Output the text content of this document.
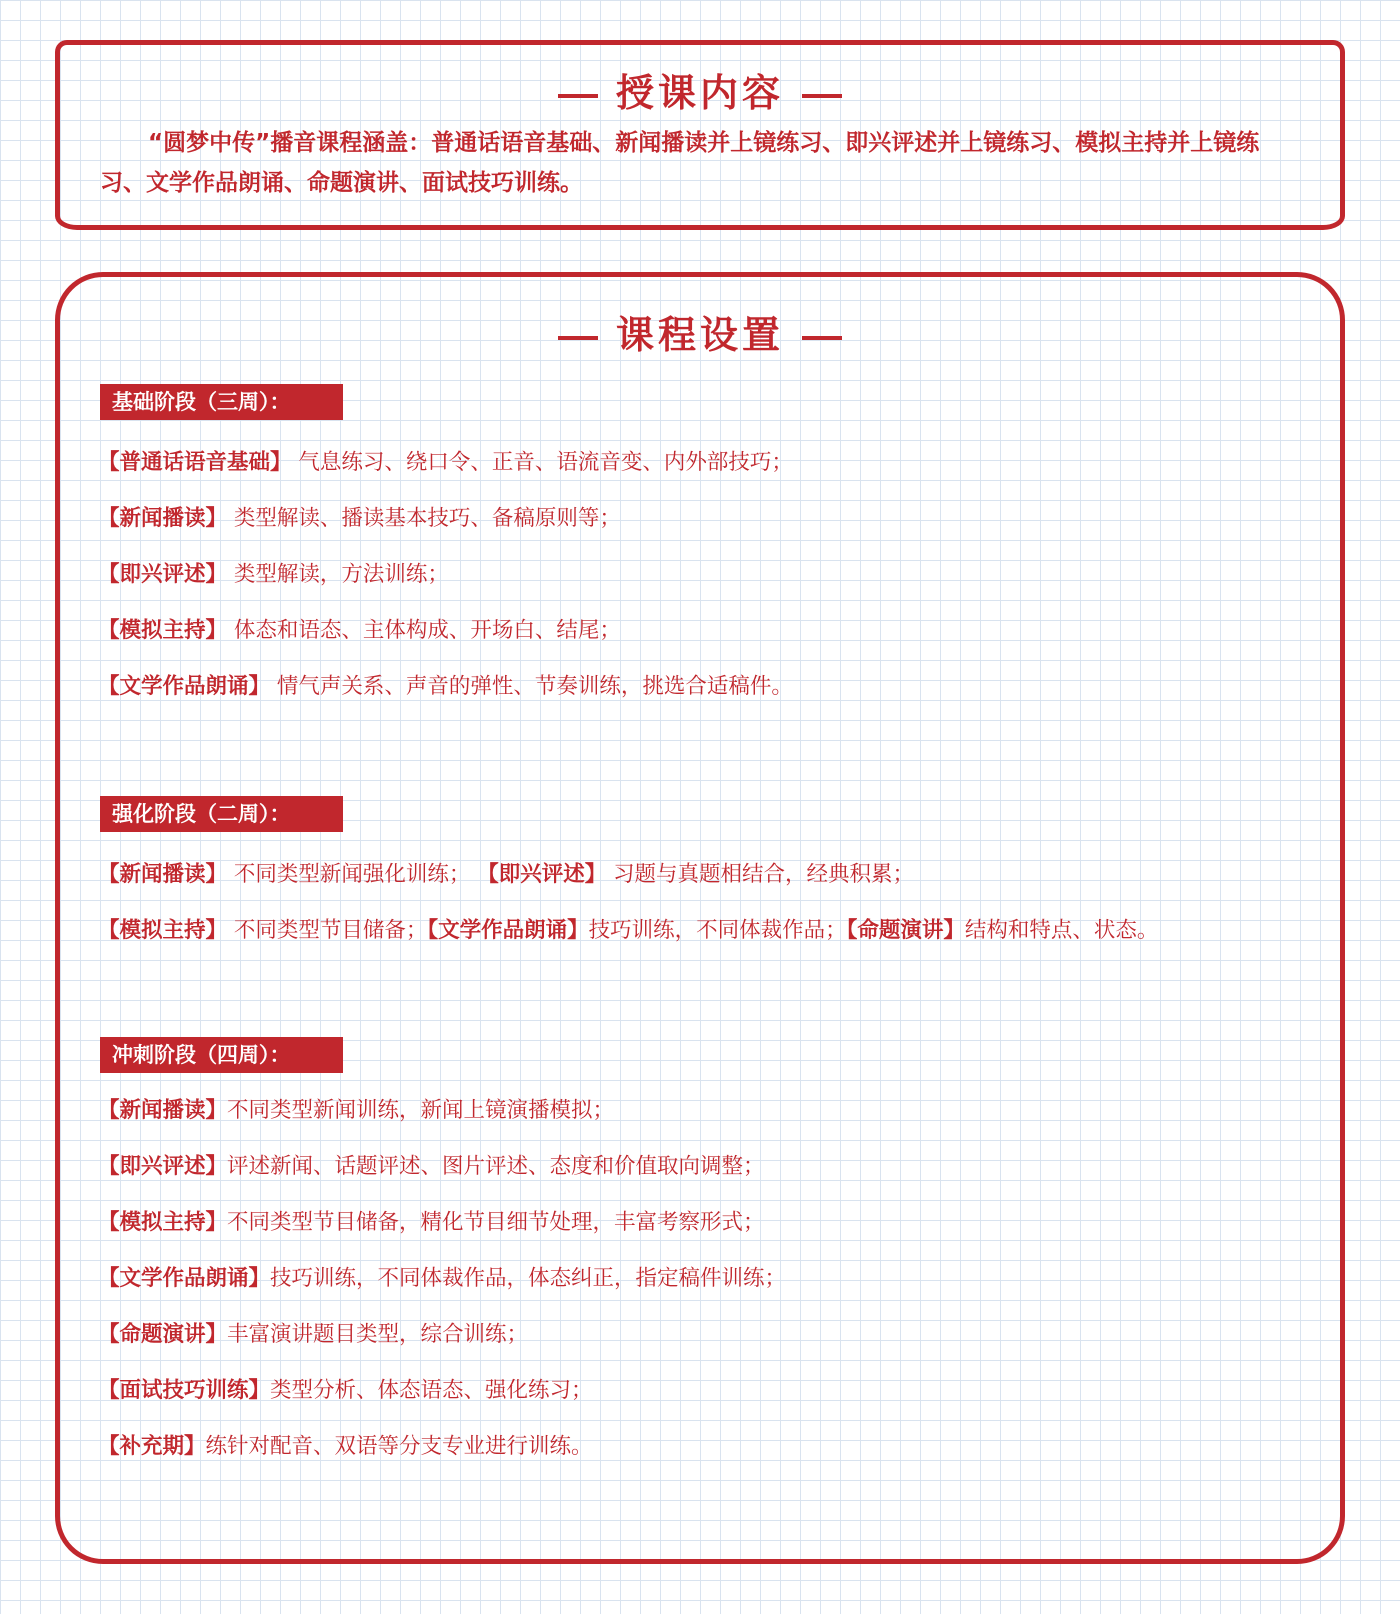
授课内容
“圆梦中传”播音课程涵盖：普通话语音基础、新闻播读并上镜练习、即兴评述并上镜练习、模拟主持并上镜练习、文学作品朗诵、命题演讲、面试技巧训练。
课程设置
基础阶段（三周）：
【普通话语音基础】 气息练习、绕口令、正音、语流音变、内外部技巧；
【新闻播读】 类型解读、播读基本技巧、备稿原则等；
【即兴评述】 类型解读，方法训练；
【模拟主持】 体态和语态、主体构成、开场白、结尾；
【文学作品朗诵】 情气声关系、声音的弹性、节奏训练，挑选合适稿件。
强化阶段（二周）：
【新闻播读】 不同类型新闻强化训练； 【即兴评述】 习题与真题相结合，经典积累；
【模拟主持】 不同类型节目储备；【文学作品朗诵】技巧训练，不同体裁作品；【命题演讲】结构和特点、状态。
冲刺阶段（四周）：
【新闻播读】不同类型新闻训练，新闻上镜演播模拟；
【即兴评述】评述新闻、话题评述、图片评述、态度和价值取向调整；
【模拟主持】不同类型节目储备，精化节目细节处理，丰富考察形式；
【文学作品朗诵】技巧训练，不同体裁作品，体态纠正，指定稿件训练；
【命题演讲】丰富演讲题目类型，综合训练；
【面试技巧训练】类型分析、体态语态、强化练习；
【补充期】练针对配音、双语等分支专业进行训练。
